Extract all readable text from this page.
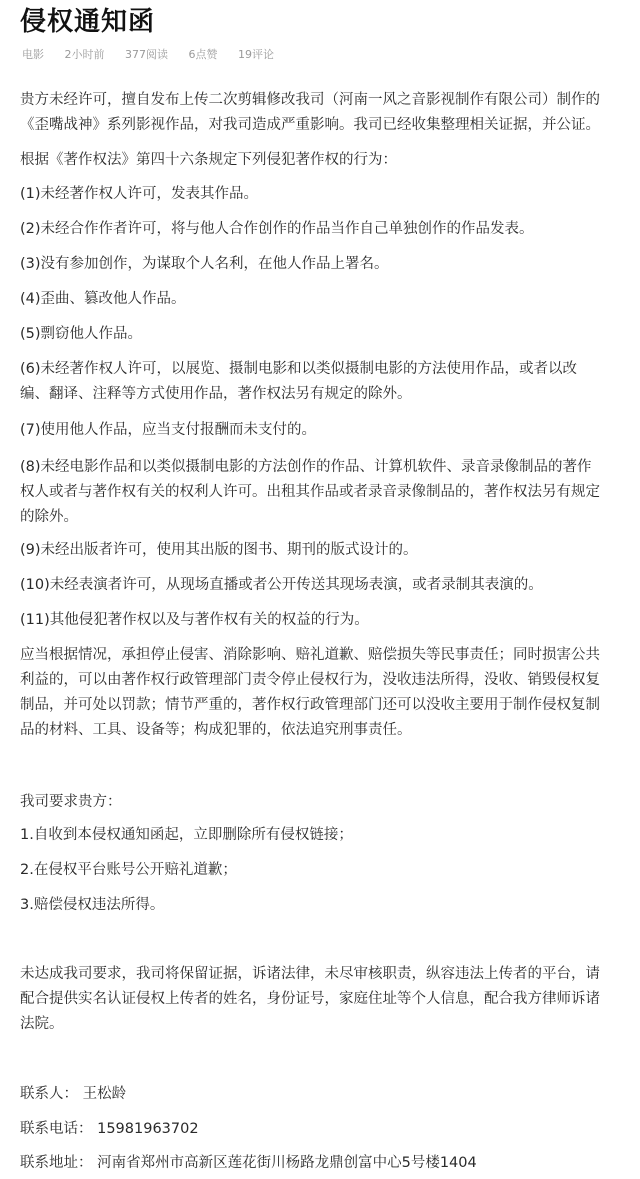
侵权通知函
电影 2小时前 377阅读 6点赞 19评论

贵方未经许可，擅自发布上传二次剪辑修改我司（河南一风之音影视制作有限公司）制作的《歪嘴战神》系列影视作品，对我司造成严重影响。我司已经收集整理相关证据，并公证。

根据《著作权法》第四十六条规定下列侵犯著作权的行为：

(1)未经著作权人许可，发表其作品。

(2)未经合作作者许可，将与他人合作创作的作品当作自己单独创作的作品发表。

(3)没有参加创作，为谋取个人名利，在他人作品上署名。

(4)歪曲、篡改他人作品。

(5)剽窃他人作品。

(6)未经著作权人许可，以展览、摄制电影和以类似摄制电影的方法使用作品，或者以改编、翻译、注释等方式使用作品，著作权法另有规定的除外。

(7)使用他人作品，应当支付报酬而未支付的。

(8)未经电影作品和以类似摄制电影的方法创作的作品、计算机软件、录音录像制品的著作权人或者与著作权有关的权利人许可。出租其作品或者录音录像制品的，著作权法另有规定的除外。

(9)未经出版者许可，使用其出版的图书、期刊的版式设计的。

(10)未经表演者许可，从现场直播或者公开传送其现场表演，或者录制其表演的。

(11)其他侵犯著作权以及与著作权有关的权益的行为。

应当根据情况，承担停止侵害、消除影响、赔礼道歉、赔偿损失等民事责任；同时损害公共利益的，可以由著作权行政管理部门责令停止侵权行为，没收违法所得，没收、销毁侵权复制品，并可处以罚款；情节严重的，著作权行政管理部门还可以没收主要用于制作侵权复制品的材料、工具、设备等；构成犯罪的，依法追究刑事责任。

我司要求贵方：

1.自收到本侵权通知函起，立即删除所有侵权链接；

2.在侵权平台账号公开赔礼道歉；

3.赔偿侵权违法所得。

未达成我司要求，我司将保留证据，诉诸法律，未尽审核职责，纵容违法上传者的平台，请配合提供实名认证侵权上传者的姓名，身份证号，家庭住址等个人信息，配合我方律师诉诸法院。

联系人： 王松龄

联系电话： 15981963702

联系地址： 河南省郑州市高新区莲花街川杨路龙鼎创富中心5号楼1404
